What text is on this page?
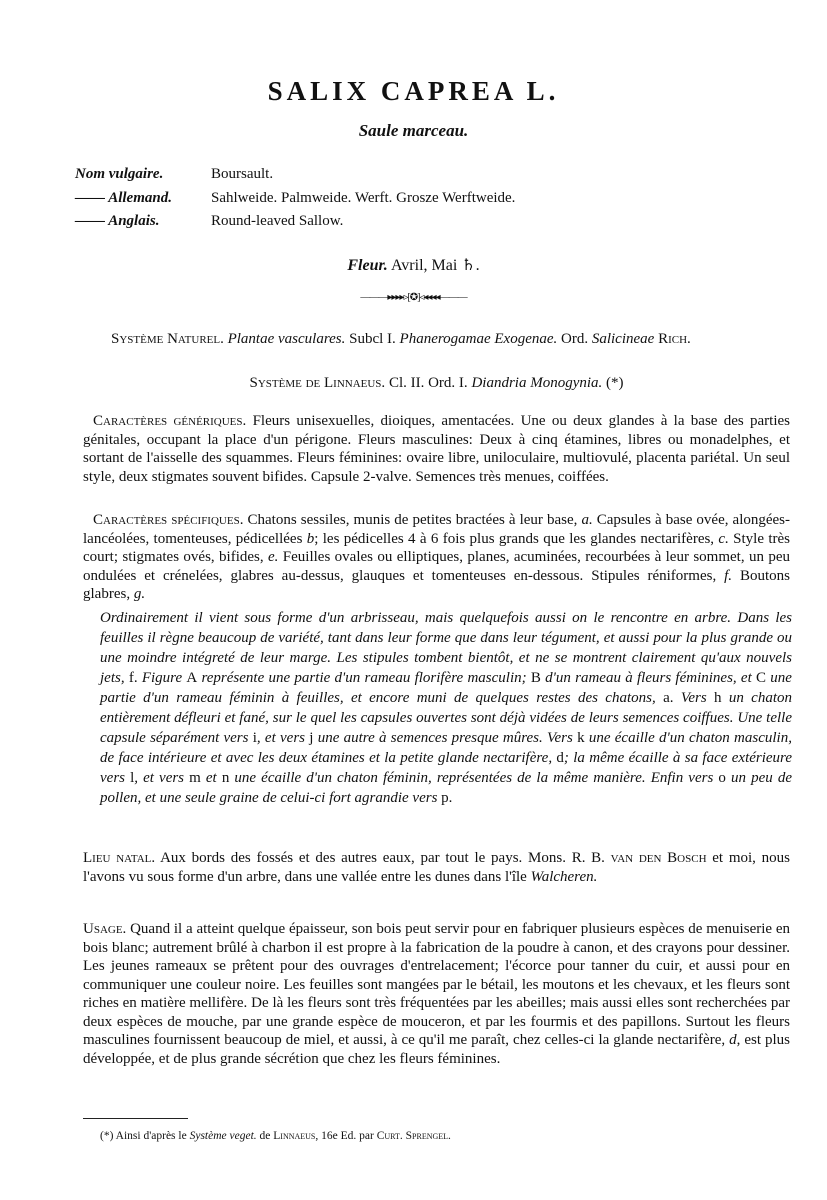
SALIX CAPREA L.
Saule marceau.
Nom vulgaire.	Boursault.
—— Allemand.	Sahlweide. Palmweide. Werft. Grosze Werftweide.
—— Anglais.	Round-leaved Sallow.
Fleur. Avril, Mai ♄.
———▸▸▸▸▹[✪]◃◂◂◂◂———
Système Naturel. Plantae vasculares. Subcl I. Phanerogamae Exogenae. Ord. Salicineae Rich.
Système de Linnaeus. Cl. II. Ord. I. Diandria Monogynia. (*)
Caractères génériques. Fleurs unisexuelles, dioiques, amentacées. Une ou deux glandes à la base des parties génitales, occupant la place d'un périgone. Fleurs masculines: Deux à cinq étamines, libres ou monadelphes, et sortant de l'aisselle des squammes. Fleurs féminines: ovaire libre, uniloculaire, multiovulé, placenta pariétal. Un seul style, deux stigmates souvent bifides. Capsule 2-valve. Semences très menues, coiffées.
Caractères spécifiques. Chatons sessiles, munis de petites bractées à leur base, a. Capsules à base ovée, alongées-lancéolées, tomenteuses, pédicellées b; les pédicelles 4 à 6 fois plus grands que les glandes nectarifères, c. Style très court; stigmates ovés, bifides, e. Feuilles ovales ou elliptiques, planes, acuminées, recourbées à leur sommet, un peu ondulées et crénelées, glabres au-dessus, glauques et tomenteuses en-dessous. Stipules réniformes, f. Boutons glabres, g.
Ordinairement il vient sous forme d'un arbrisseau, mais quelquefois aussi on le rencontre en arbre. Dans les feuilles il règne beaucoup de variété, tant dans leur forme que dans leur tégument, et aussi pour la plus grande ou une moindre intégreté de leur marge. Les stipules tombent bientôt, et ne se montrent clairement qu'aux nouvels jets, f. Figure A représente une partie d'un rameau florifère masculin; B d'un rameau à fleurs féminines, et C une partie d'un rameau féminin à feuilles, et encore muni de quelques restes des chatons, a. Vers h un chaton entièrement défleuri et fané, sur le quel les capsules ouvertes sont déjà vidées de leurs semences coiffues. Une telle capsule séparément vers i, et vers j une autre à semences presque mûres. Vers k une écaille d'un chaton masculin, de face intérieure et avec les deux étamines et la petite glande nectarifère, d; la même écaille à sa face extérieure vers l, et vers m et n une écaille d'un chaton féminin, représentées de la même manière. Enfin vers o un peu de pollen, et une seule graine de celui-ci fort agrandie vers p.
Lieu natal. Aux bords des fossés et des autres eaux, par tout le pays. Mons. R. B. van den Bosch et moi, nous l'avons vu sous forme d'un arbre, dans une vallée entre les dunes dans l'île Walcheren.
Usage. Quand il a atteint quelque épaisseur, son bois peut servir pour en fabriquer plusieurs espèces de menuiserie en bois blanc; autrement brûlé à charbon il est propre à la fabrication de la poudre à canon, et des crayons pour dessiner. Les jeunes rameaux se prêtent pour des ouvrages d'entrelacement; l'écorce pour tanner du cuir, et aussi pour en communiquer une couleur noire. Les feuilles sont mangées par le bétail, les moutons et les chevaux, et les fleurs sont riches en matière mellifère. De là les fleurs sont très fréquentées par les abeilles; mais aussi elles sont recherchées par deux espèces de mouche, par une grande espèce de mouceron, et par les fourmis et des papillons. Surtout les fleurs masculines fournissent beaucoup de miel, et aussi, à ce qu'il me paraît, chez celles-ci la glande nectarifère, d, est plus développée, et de plus grande sécrétion que chez les fleurs féminines.
(*) Ainsi d'après le Système veget. de Linnaeus, 16e Ed. par Curt. Sprengel.
